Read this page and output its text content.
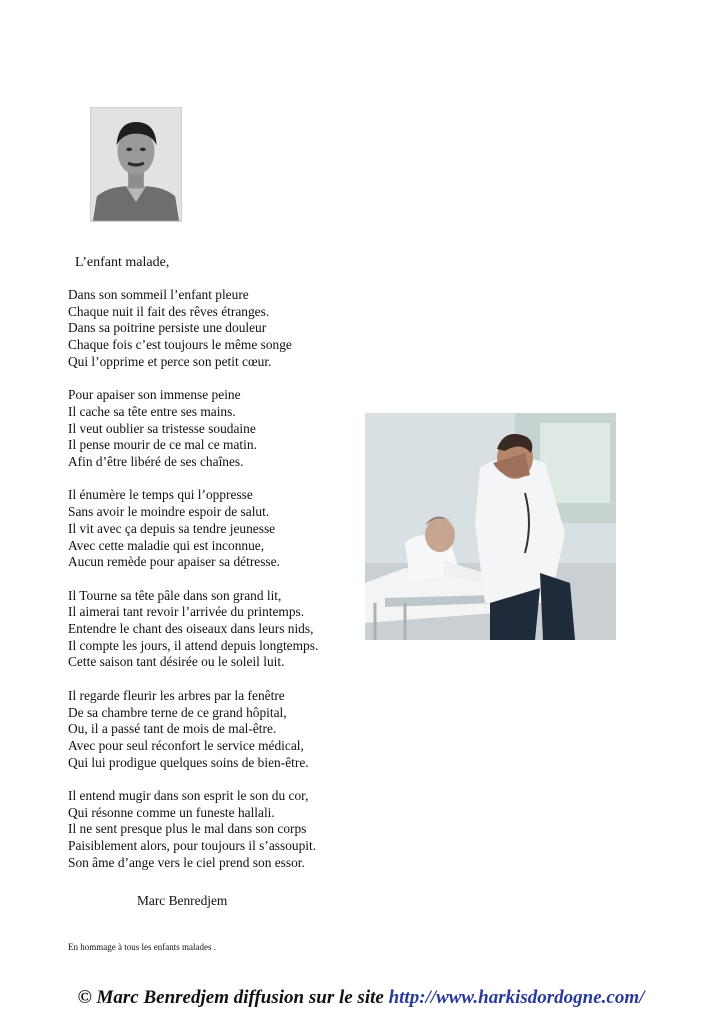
L’enfant malade,
Dans son sommeil l’enfant pleure
Chaque nuit il fait des rêves étranges.
Dans sa poitrine persiste une douleur
Chaque fois c’est toujours le même songe
Qui l’opprime et perce son petit cœur.
Pour apaiser son immense peine
Il cache sa tête entre ses mains.
Il veut oublier sa tristesse soudaine
Il pense mourir de ce mal ce matin.
Afin d’être libéré de ses chaînes.
Il énumère le temps qui l’oppresse
Sans avoir le moindre espoir de salut.
Il vit avec ça depuis sa tendre jeunesse
Avec cette maladie qui est inconnue,
Aucun remède pour apaiser sa détresse.
Il Tourne sa tête pâle dans son grand lit,
Il aimerai tant revoir l’arrivée du printemps.
Entendre le chant des oiseaux dans leurs nids,
Il compte les jours, il attend depuis longtemps.
Cette saison tant désirée ou le soleil luit.
Il regarde fleurir les arbres par la fenêtre
De sa chambre terne de ce grand hôpital,
Ou, il a passé tant de mois de mal-être.
Avec pour seul réconfort le service médical,
Qui lui prodigue quelques soins de bien-être.
Il entend mugir dans son esprit le son du cor,
Qui résonne comme un funeste hallali.
Il ne sent presque plus le mal dans son corps
Paisiblement alors, pour toujours il s’assoupit.
Son âme d’ange vers le ciel prend son essor.
Marc Benredjem
En hommage à tous les enfants malades .
© Marc Benredjem diffusion sur le site http://www.harkisdordogne.com/
